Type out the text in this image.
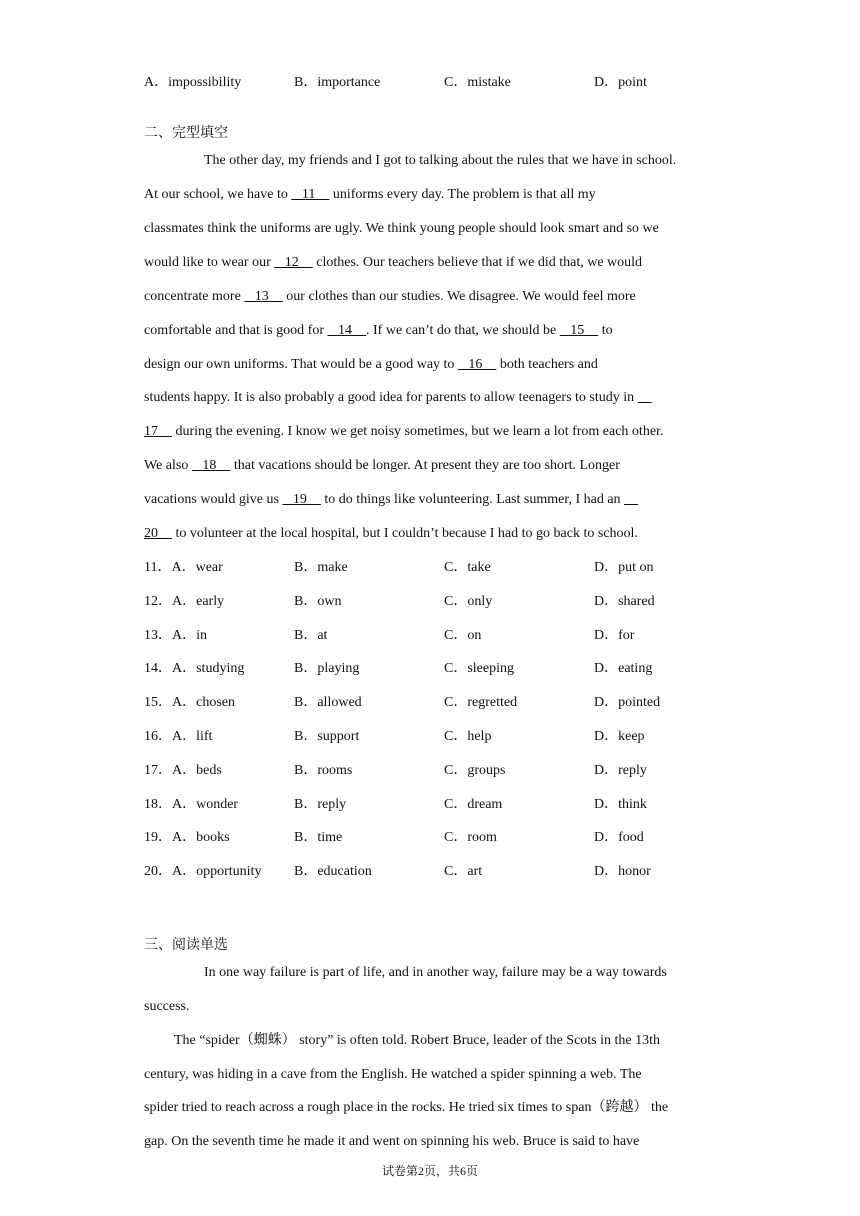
A．impossibility	B．importance	C．mistake	D．point
二、完型填空
The other day, my friends and I got to talking about the rules that we have in school.
At our school, we have to    11     uniforms every day. The problem is that all my
classmates think the uniforms are ugly. We think young people should look smart and so we
would like to wear our    12     clothes. Our teachers believe that if we did that, we would
concentrate more    13     our clothes than our studies. We disagree. We would feel more
comfortable and that is good for    14    . If we can’t do that, we should be    15     to
design our own uniforms. That would be a good way to    16     both teachers and
students happy. It is also probably a good idea for parents to allow teenagers to study in
17     during the evening. I know we get noisy sometimes, but we learn a lot from each other.
We also    18     that vacations should be longer. At present they are too short. Longer
vacations would give us    19     to do things like volunteering. Last summer, I had an
20     to volunteer at the local hospital, but I couldn’t because I had to go back to school.
11．A．wear	B．make	C．take	D．put on
12．A．early	B．own	C．only	D．shared
13．A．in	B．at	C．on	D．for
14．A．studying	B．playing	C．sleeping	D．eating
15．A．chosen	B．allowed	C．regretted	D．pointed
16．A．lift	B．support	C．help	D．keep
17．A．beds	B．rooms	C．groups	D．reply
18．A．wonder	B．reply	C．dream	D．think
19．A．books	B．time	C．room	D．food
20．A．opportunity B．education	C．art	D．honor
三、阅读单选
In one way failure is part of life, and in another way, failure may be a way towards
success.
The “spider（蜘蛛） story” is often told. Robert Bruce, leader of the Scots in the 13th
century, was hiding in a cave from the English. He watched a spider spinning a web. The
spider tried to reach across a rough place in the rocks. He tried six times to span（跨越） the
gap. On the seventh time he made it and went on spinning his web. Bruce is said to have
试卷第2页，共6页
